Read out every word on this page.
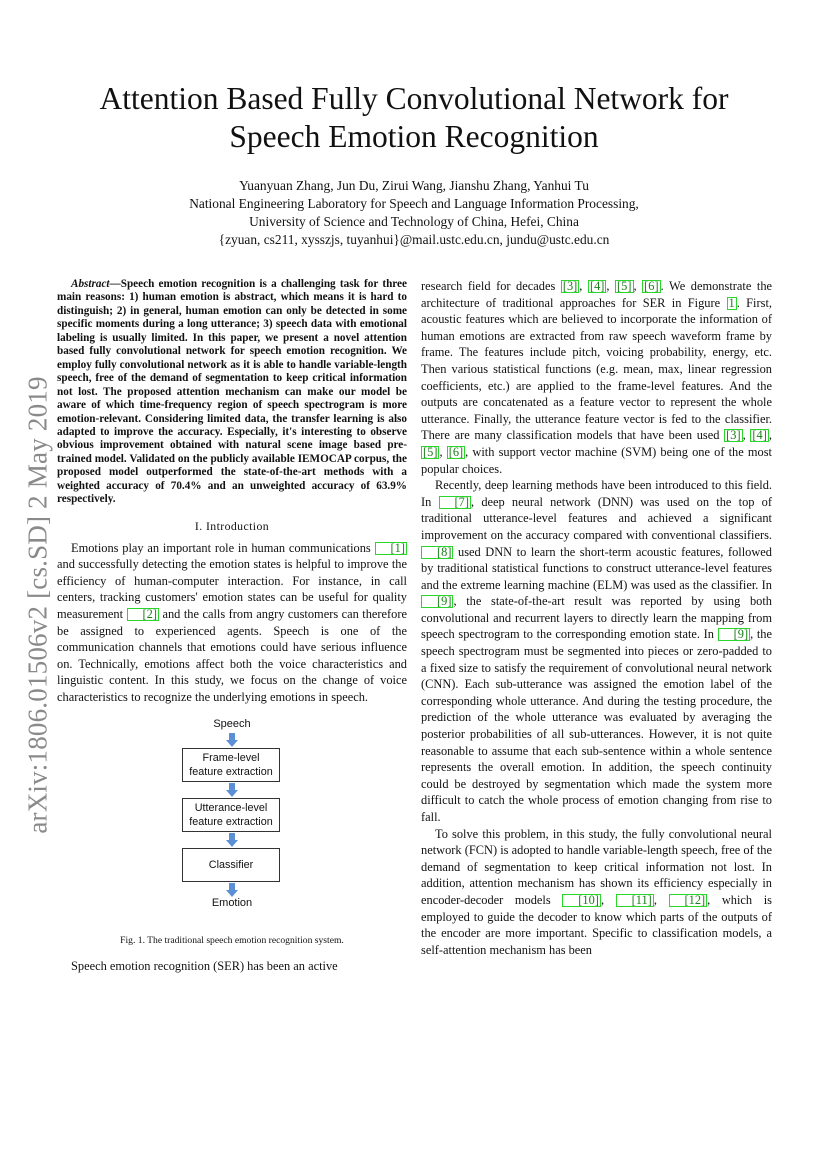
arXiv:1806.01506v2 [cs.SD] 2 May 2019
Attention Based Fully Convolutional Network for
Speech Emotion Recognition
Yuanyuan Zhang, Jun Du, Zirui Wang, Jianshu Zhang, Yanhui Tu
National Engineering Laboratory for Speech and Language Information Processing,
University of Science and Technology of China, Hefei, China
{zyuan, cs211, xysszjs, tuyanhui}@mail.ustc.edu.cn, jundu@ustc.edu.cn

Abstract—Speech emotion recognition is a challenging task for three main reasons: 1) human emotion is abstract, which means it is hard to distinguish; 2) in general, human emotion can only be detected in some specific moments during a long utterance; 3) speech data with emotional labeling is usually limited. In this paper, we present a novel attention based fully convolutional network for speech emotion recognition. We employ fully convolutional network as it is able to handle variable-length speech, free of the demand of segmentation to keep critical information not lost. The proposed attention mechanism can make our model be aware of which time-frequency region of speech spectrogram is more emotion-relevant. Considering limited data, the transfer learning is also adapted to improve the accuracy. Especially, it's interesting to observe obvious improvement obtained with natural scene image based pre-trained model. Validated on the publicly available IEMOCAP corpus, the proposed model outperformed the state-of-the-art methods with a weighted accuracy of 70.4% and an unweighted accuracy of 63.9% respectively.

I. Introduction

Emotions play an important role in human communications [1] and successfully detecting the emotion states is helpful to improve the efficiency of human-computer interaction. For instance, in call centers, tracking customers' emotion states can be useful for quality measurement [2] and the calls from angry customers can therefore be assigned to experienced agents. Speech is one of the communication channels that emotions could have serious influence on. Technically, emotions affect both the voice characteristics and linguistic content. In this study, we focus on the change of voice characteristics to recognize the underlying emotions in speech.

Speech
Frame-level
feature extraction
Utterance-level
feature extraction
Classifier
Emotion
Fig. 1. The traditional speech emotion recognition system.

Speech emotion recognition (SER) has been an active

research field for decades [3] , [4] , [5] , [6] . We demonstrate the architecture of traditional approaches for SER in Figure 1 . First, acoustic features which are believed to incorporate the information of human emotions are extracted from raw speech waveform frame by frame. The features include pitch, voicing probability, energy, etc. Then various statistical functions (e.g. mean, max, linear regression coefficients, etc.) are applied to the frame-level features. And the outputs are concatenated as a feature vector to represent the whole utterance. Finally, the utterance feature vector is fed to the classifier. There are many classification models that have been used [3] , [4] , [5] , [6] , with support vector machine (SVM) being one of the most popular choices.

Recently, deep learning methods have been introduced to this field. In [7] , deep neural network (DNN) was used on the top of traditional utterance-level features and achieved a significant improvement on the accuracy compared with conventional classifiers. [8] used DNN to learn the short-term acoustic features, followed by traditional statistical functions to construct utterance-level features and the extreme learning machine (ELM) was used as the classifier. In [9] , the state-of-the-art result was reported by using both convolutional and recurrent layers to directly learn the mapping from speech spectrogram to the corresponding emotion state. In [9] , the speech spectrogram must be segmented into pieces or zero-padded to a fixed size to satisfy the requirement of convolutional neural network (CNN). Each sub-utterance was assigned the emotion label of the corresponding whole utterance. And during the testing procedure, the prediction of the whole utterance was evaluated by averaging the posterior probabilities of all sub-utterances. However, it is not quite reasonable to assume that each sub-sentence within a whole sentence represents the overall emotion. In addition, the speech continuity could be destroyed by segmentation which made the system more difficult to catch the whole process of emotion changing from rise to fall.

To solve this problem, in this study, the fully convolutional neural network (FCN) is adopted to handle variable-length speech, free of the demand of segmentation to keep critical information not lost. In addition, attention mechanism has shown its efficiency especially in encoder-decoder models [10] , [11] , [12] , which is employed to guide the decoder to know which parts of the outputs of the encoder are more important. Specific to classification models, a self-attention mechanism has been
